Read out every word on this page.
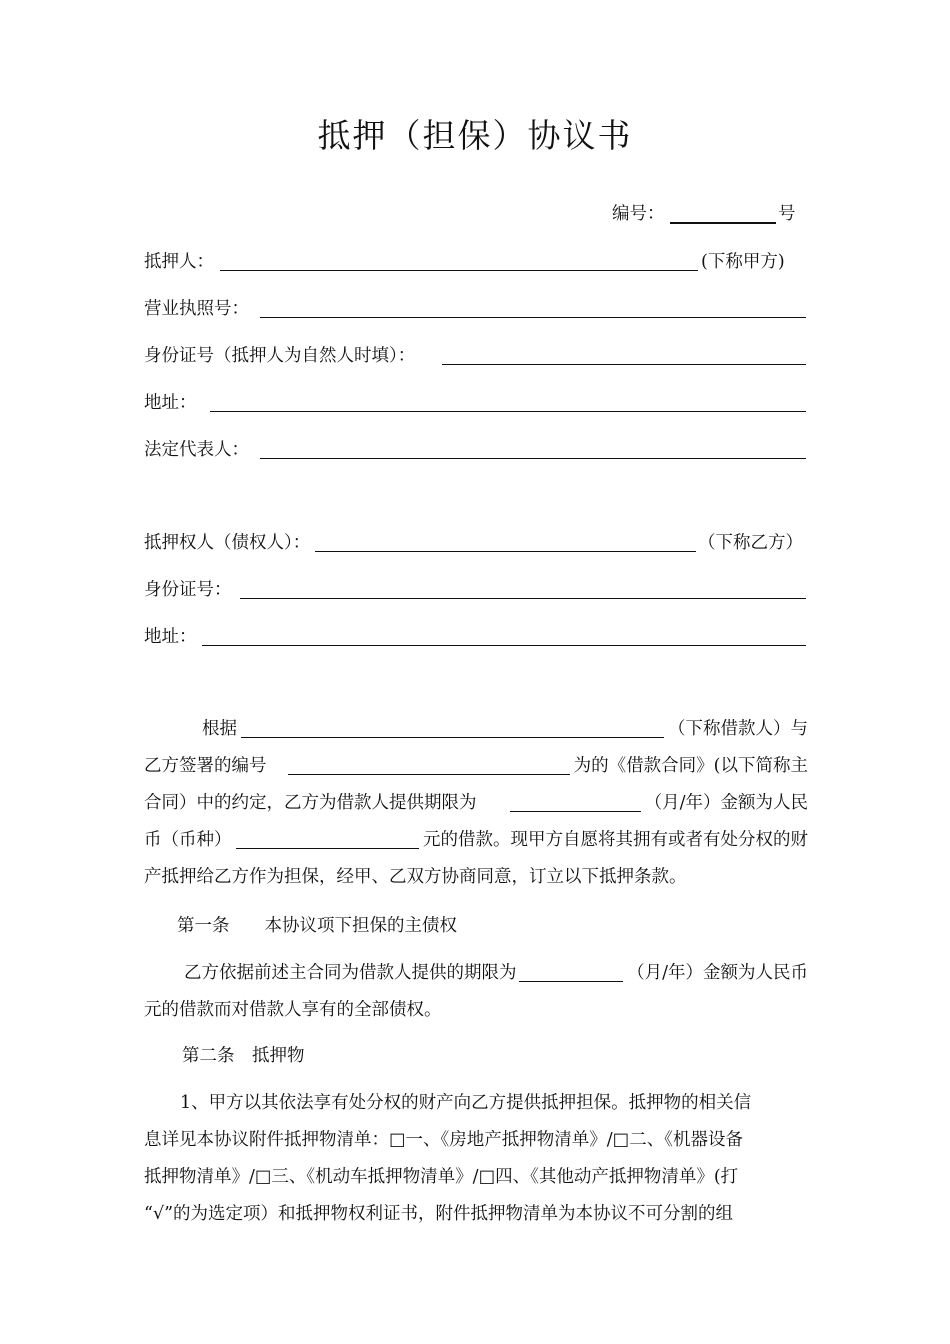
抵押（担保）协议书
编号：	号
抵押人：	(下称甲方)
营业执照号：
身份证号（抵押人为自然人时填）：
地址：
法定代表人：
抵押权人（债权人）：	（下称乙方）
身份证号：
地址：
根据	（下称借款人）与
乙方签署的编号	为的《借款合同》(以下简称主
合同）中的约定，乙方为借款人提供期限为	（月/年）金额为人民
币（币种）	元的借款。现甲方自愿将其拥有或者有处分权的财
产抵押给乙方作为担保，经甲、乙双方协商同意，订立以下抵押条款。
第一条　　本协议项下担保的主债权
乙方依据前述主合同为借款人提供的期限为	（月/年）金额为人民币
元的借款而对借款人享有的全部债权。
第二条　抵押物
1、甲方以其依法享有处分权的财产向乙方提供抵押担保。抵押物的相关信
息详见本协议附件抵押物清单：□一、《房地产抵押物清单》/□二、《机器设备
抵押物清单》/□三、《机动车抵押物清单》/□四、《其他动产抵押物清单》(打
“√”的为选定项）和抵押物权利证书，附件抵押物清单为本协议不可分割的组
